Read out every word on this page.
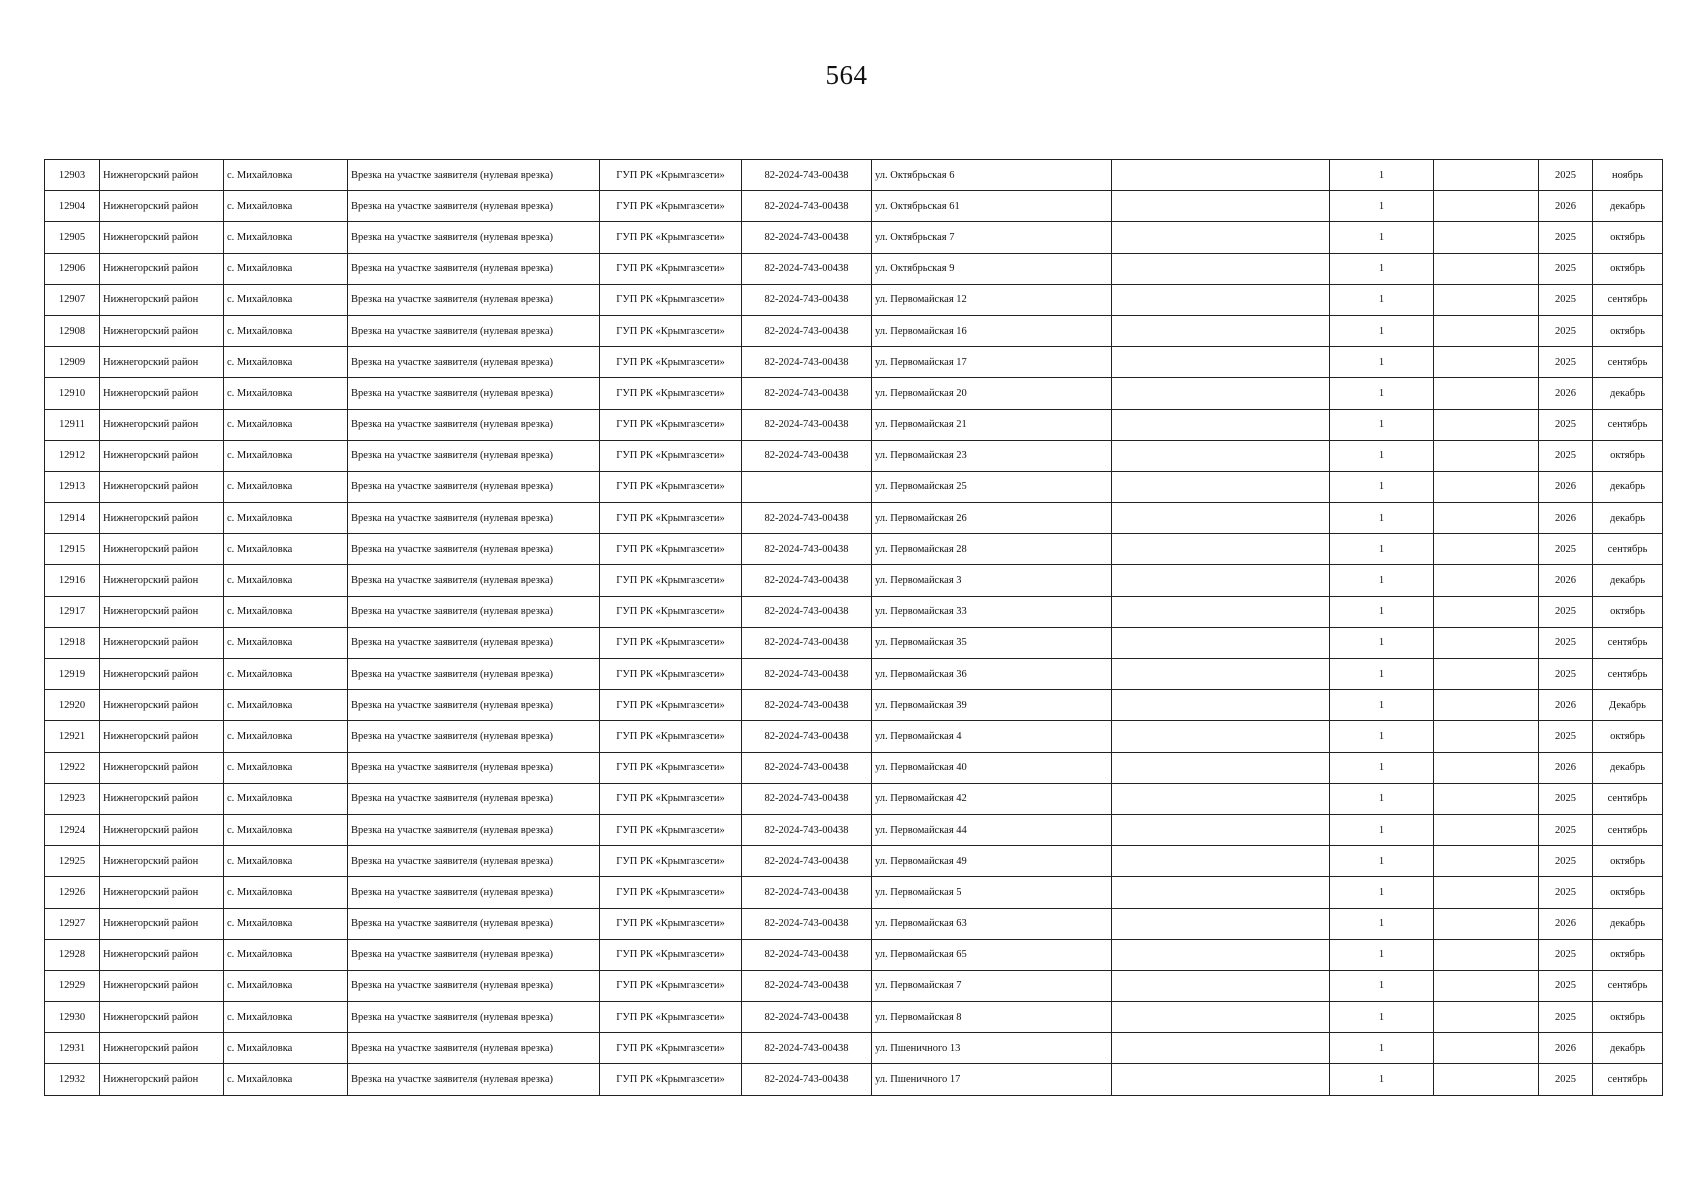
564
12903	Нижнегорский район	с. Михайловка	Врезка на участке заявителя (нулевая врезка)	ГУП РК «Крымгазсети»	82-2024-743-00438	ул. Октябрьская 6		1		2025	ноябрь
12904	Нижнегорский район	с. Михайловка	Врезка на участке заявителя (нулевая врезка)	ГУП РК «Крымгазсети»	82-2024-743-00438	ул. Октябрьская 61		1		2026	декабрь
12905	Нижнегорский район	с. Михайловка	Врезка на участке заявителя (нулевая врезка)	ГУП РК «Крымгазсети»	82-2024-743-00438	ул. Октябрьская 7		1		2025	октябрь
12906	Нижнегорский район	с. Михайловка	Врезка на участке заявителя (нулевая врезка)	ГУП РК «Крымгазсети»	82-2024-743-00438	ул. Октябрьская 9		1		2025	октябрь
12907	Нижнегорский район	с. Михайловка	Врезка на участке заявителя (нулевая врезка)	ГУП РК «Крымгазсети»	82-2024-743-00438	ул. Первомайская 12		1		2025	сентябрь
12908	Нижнегорский район	с. Михайловка	Врезка на участке заявителя (нулевая врезка)	ГУП РК «Крымгазсети»	82-2024-743-00438	ул. Первомайская 16		1		2025	октябрь
12909	Нижнегорский район	с. Михайловка	Врезка на участке заявителя (нулевая врезка)	ГУП РК «Крымгазсети»	82-2024-743-00438	ул. Первомайская 17		1		2025	сентябрь
12910	Нижнегорский район	с. Михайловка	Врезка на участке заявителя (нулевая врезка)	ГУП РК «Крымгазсети»	82-2024-743-00438	ул. Первомайская 20		1		2026	декабрь
12911	Нижнегорский район	с. Михайловка	Врезка на участке заявителя (нулевая врезка)	ГУП РК «Крымгазсети»	82-2024-743-00438	ул. Первомайская 21		1		2025	сентябрь
12912	Нижнегорский район	с. Михайловка	Врезка на участке заявителя (нулевая врезка)	ГУП РК «Крымгазсети»	82-2024-743-00438	ул. Первомайская 23		1		2025	октябрь
12913	Нижнегорский район	с. Михайловка	Врезка на участке заявителя (нулевая врезка)	ГУП РК «Крымгазсети»		ул. Первомайская 25		1		2026	декабрь
12914	Нижнегорский район	с. Михайловка	Врезка на участке заявителя (нулевая врезка)	ГУП РК «Крымгазсети»	82-2024-743-00438	ул. Первомайская 26		1		2026	декабрь
12915	Нижнегорский район	с. Михайловка	Врезка на участке заявителя (нулевая врезка)	ГУП РК «Крымгазсети»	82-2024-743-00438	ул. Первомайская 28		1		2025	сентябрь
12916	Нижнегорский район	с. Михайловка	Врезка на участке заявителя (нулевая врезка)	ГУП РК «Крымгазсети»	82-2024-743-00438	ул. Первомайская 3		1		2026	декабрь
12917	Нижнегорский район	с. Михайловка	Врезка на участке заявителя (нулевая врезка)	ГУП РК «Крымгазсети»	82-2024-743-00438	ул. Первомайская 33		1		2025	октябрь
12918	Нижнегорский район	с. Михайловка	Врезка на участке заявителя (нулевая врезка)	ГУП РК «Крымгазсети»	82-2024-743-00438	ул. Первомайская 35		1		2025	сентябрь
12919	Нижнегорский район	с. Михайловка	Врезка на участке заявителя (нулевая врезка)	ГУП РК «Крымгазсети»	82-2024-743-00438	ул. Первомайская 36		1		2025	сентябрь
12920	Нижнегорский район	с. Михайловка	Врезка на участке заявителя (нулевая врезка)	ГУП РК «Крымгазсети»	82-2024-743-00438	ул. Первомайская 39		1		2026	Декабрь
12921	Нижнегорский район	с. Михайловка	Врезка на участке заявителя (нулевая врезка)	ГУП РК «Крымгазсети»	82-2024-743-00438	ул. Первомайская 4		1		2025	октябрь
12922	Нижнегорский район	с. Михайловка	Врезка на участке заявителя (нулевая врезка)	ГУП РК «Крымгазсети»	82-2024-743-00438	ул. Первомайская 40		1		2026	декабрь
12923	Нижнегорский район	с. Михайловка	Врезка на участке заявителя (нулевая врезка)	ГУП РК «Крымгазсети»	82-2024-743-00438	ул. Первомайская 42		1		2025	сентябрь
12924	Нижнегорский район	с. Михайловка	Врезка на участке заявителя (нулевая врезка)	ГУП РК «Крымгазсети»	82-2024-743-00438	ул. Первомайская 44		1		2025	сентябрь
12925	Нижнегорский район	с. Михайловка	Врезка на участке заявителя (нулевая врезка)	ГУП РК «Крымгазсети»	82-2024-743-00438	ул. Первомайская 49		1		2025	октябрь
12926	Нижнегорский район	с. Михайловка	Врезка на участке заявителя (нулевая врезка)	ГУП РК «Крымгазсети»	82-2024-743-00438	ул. Первомайская 5		1		2025	октябрь
12927	Нижнегорский район	с. Михайловка	Врезка на участке заявителя (нулевая врезка)	ГУП РК «Крымгазсети»	82-2024-743-00438	ул. Первомайская 63		1		2026	декабрь
12928	Нижнегорский район	с. Михайловка	Врезка на участке заявителя (нулевая врезка)	ГУП РК «Крымгазсети»	82-2024-743-00438	ул. Первомайская 65		1		2025	октябрь
12929	Нижнегорский район	с. Михайловка	Врезка на участке заявителя (нулевая врезка)	ГУП РК «Крымгазсети»	82-2024-743-00438	ул. Первомайская 7		1		2025	сентябрь
12930	Нижнегорский район	с. Михайловка	Врезка на участке заявителя (нулевая врезка)	ГУП РК «Крымгазсети»	82-2024-743-00438	ул. Первомайская 8		1		2025	октябрь
12931	Нижнегорский район	с. Михайловка	Врезка на участке заявителя (нулевая врезка)	ГУП РК «Крымгазсети»	82-2024-743-00438	ул. Пшеничного 13		1		2026	декабрь
12932	Нижнегорский район	с. Михайловка	Врезка на участке заявителя (нулевая врезка)	ГУП РК «Крымгазсети»	82-2024-743-00438	ул. Пшеничного 17		1		2025	сентябрь
